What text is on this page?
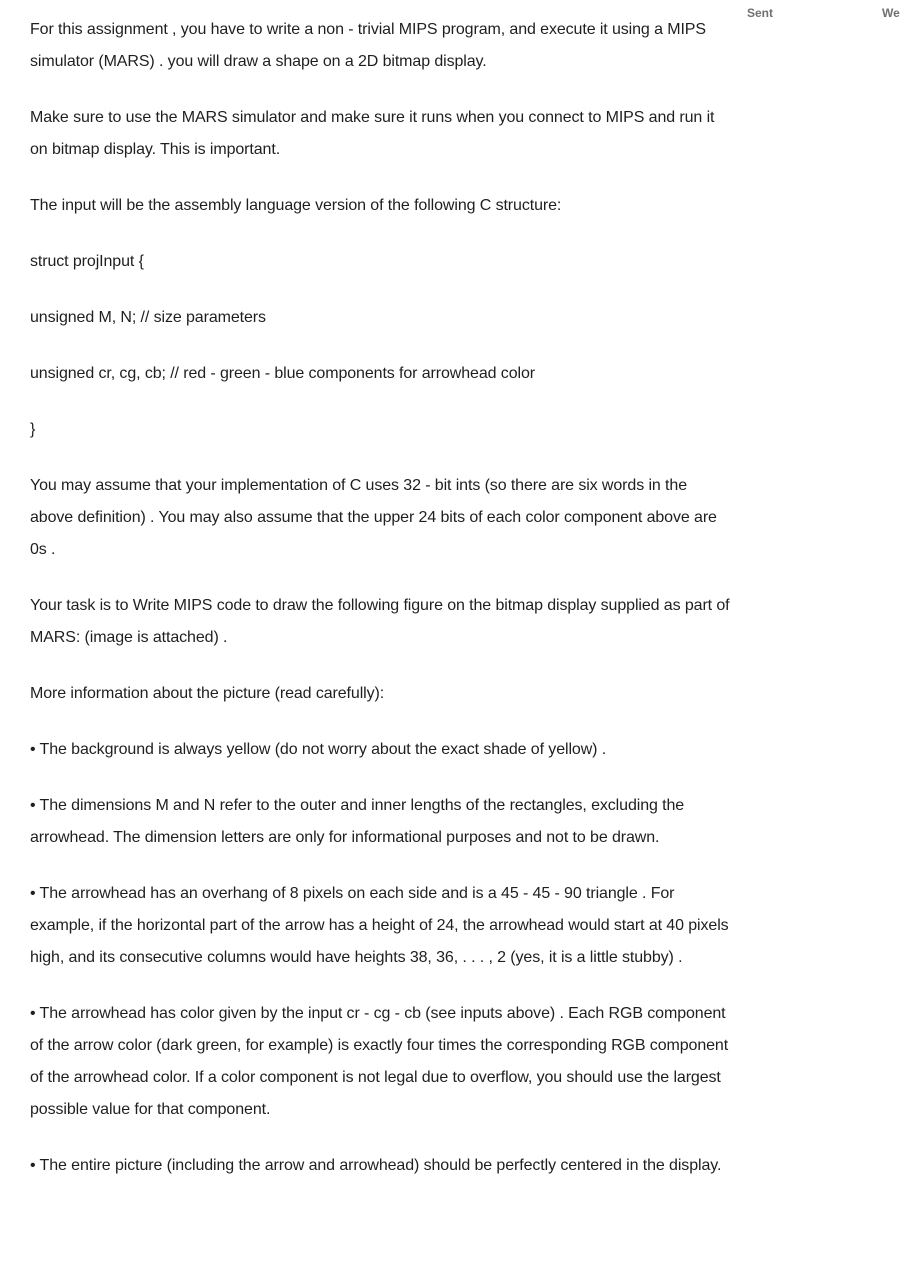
Sent	We

For this assignment , you have to write a non - trivial MIPS program, and execute it using a MIPS simulator (MARS) . you will draw a shape on a 2D bitmap display.

Make sure to use the MARS simulator and make sure it runs when you connect to MIPS and run it on bitmap display. This is important.

The input will be the assembly language version of the following C structure:

struct projInput {

unsigned M, N; // size parameters

unsigned cr, cg, cb; // red - green - blue components for arrowhead color

}

You may assume that your implementation of C uses 32 - bit ints (so there are six words in the above definition) . You may also assume that the upper 24 bits of each color component above are 0s .

Your task is to Write MIPS code to draw the following figure on the bitmap display supplied as part of MARS: (image is attached) .

More information about the picture (read carefully):

• The background is always yellow (do not worry about the exact shade of yellow) .

• The dimensions M and N refer to the outer and inner lengths of the rectangles, excluding the arrowhead. The dimension letters are only for informational purposes and not to be drawn.

• The arrowhead has an overhang of 8 pixels on each side and is a 45 - 45 - 90 triangle . For example, if the horizontal part of the arrow has a height of 24, the arrowhead would start at 40 pixels high, and its consecutive columns would have heights 38, 36, . . . , 2 (yes, it is a little stubby) .

• The arrowhead has color given by the input cr - cg - cb (see inputs above) . Each RGB component of the arrow color (dark green, for example) is exactly four times the corresponding RGB component of the arrowhead color. If a color component is not legal due to overflow, you should use the largest possible value for that component.

• The entire picture (including the arrow and arrowhead) should be perfectly centered in the display.
